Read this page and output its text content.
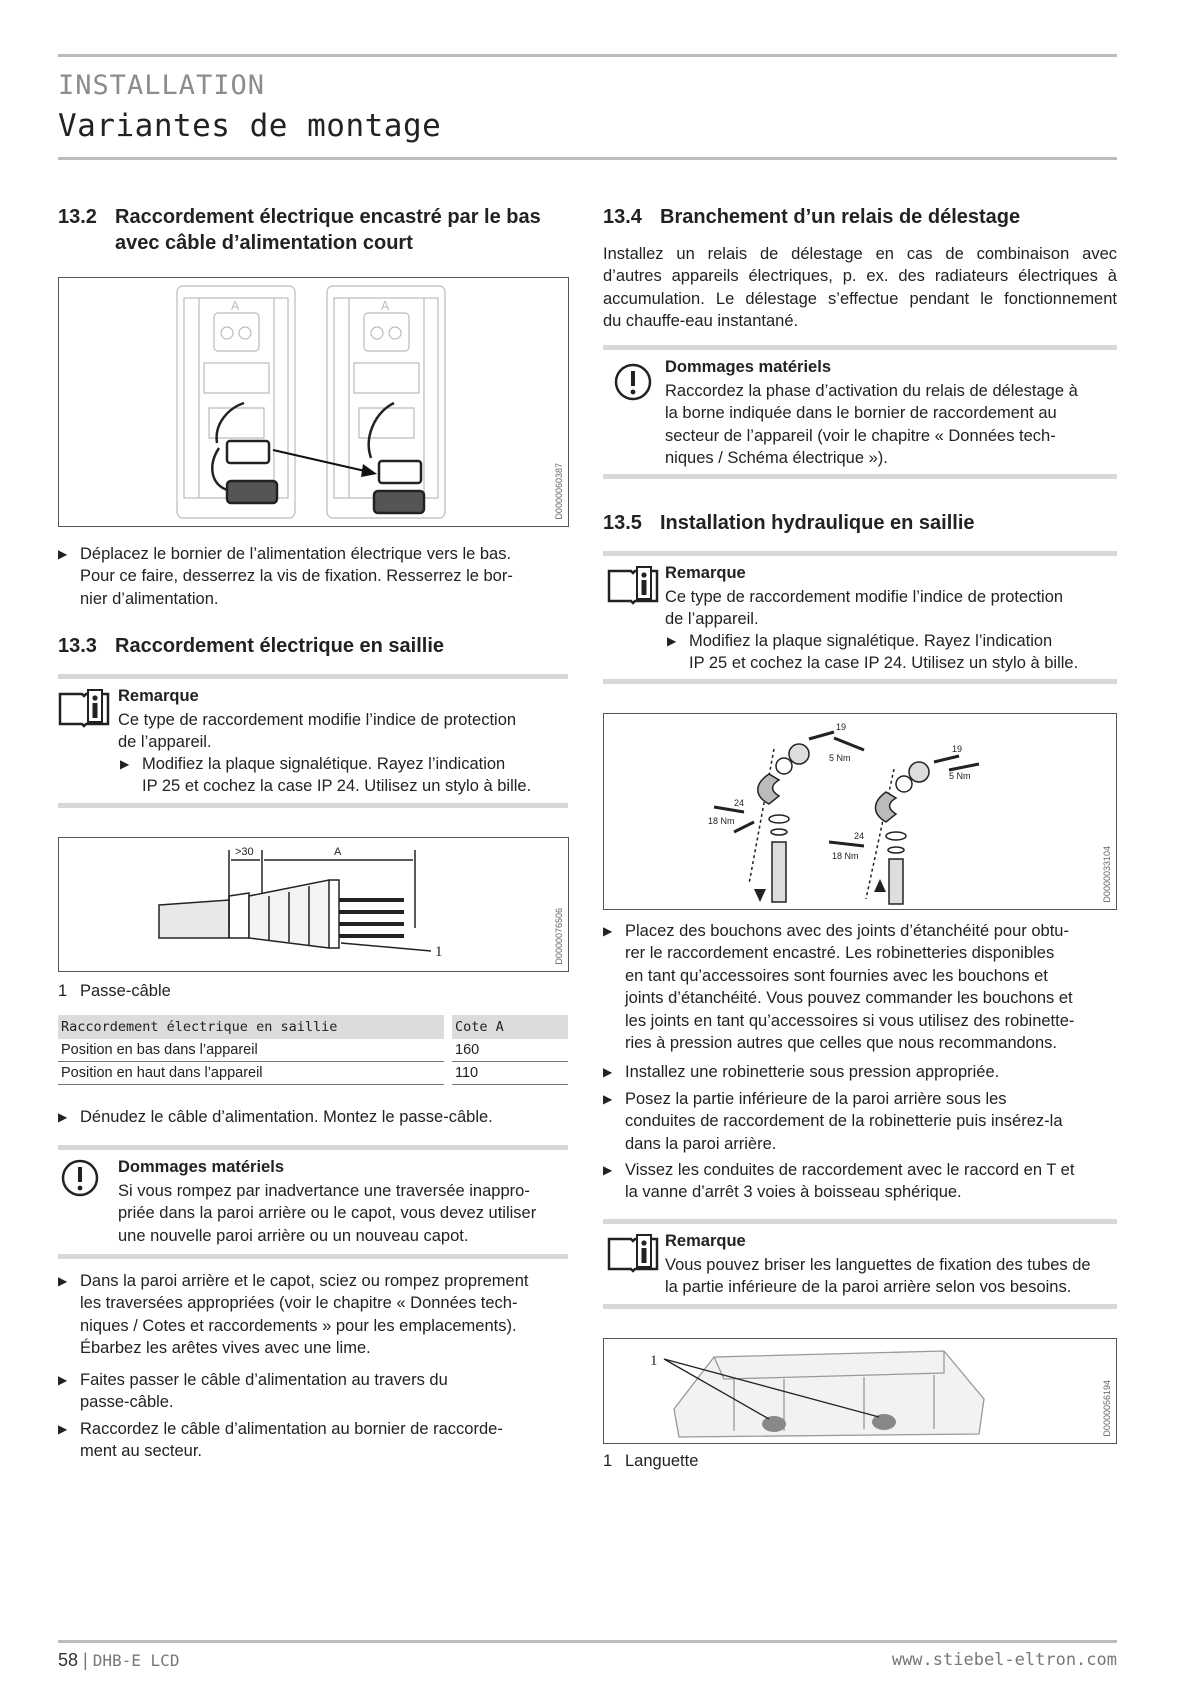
INSTALLATION
Variantes de montage
13.2 Raccordement électrique encastré par le bas
avec câble d’alimentation court
A	A
D0000060387
▶ Déplacez le bornier de l’alimentation électrique vers le bas.
Pour ce faire, desserrez la vis de fixation. Resserrez le bor-
nier d’alimentation.
13.3 Raccordement électrique en saillie
Remarque
Ce type de raccordement modifie l’indice de protection
de l’appareil.
▶ Modifiez la plaque signalétique. Rayez l’indication
IP 25 et cochez la case IP 24. Utilisez un stylo à bille.
>30	A
1	D0000076506
1 Passe-câble
Raccordement électrique en saillie	Cote A
Position en bas dans l’appareil	160
Position en haut dans l’appareil	110
▶ Dénudez le câble d’alimentation. Montez le passe-câble.
Dommages matériels
Si vous rompez par inadvertance une traversée inappro-
priée dans la paroi arrière ou le capot, vous devez utiliser
une nouvelle paroi arrière ou un nouveau capot.
▶ Dans la paroi arrière et le capot, sciez ou rompez proprement
les traversées appropriées (voir le chapitre « Données tech-
niques / Cotes et raccordements » pour les emplacements).
Ébarbez les arêtes vives avec une lime.
▶ Faites passer le câble d’alimentation au travers du
passe-câble.
▶ Raccordez le câble d’alimentation au bornier de raccorde-
ment au secteur.
13.4 Branchement d’un relais de délestage
Installez un relais de délestage en cas de combinaison avec
d’autres appareils électriques, p. ex. des radiateurs électriques à
accumulation. Le délestage s’effectue pendant le fonctionnement
du chauffe-eau instantané.
Dommages matériels
Raccordez la phase d’activation du relais de délestage à
la borne indiquée dans le bornier de raccordement au
secteur de l’appareil (voir le chapitre « Données tech-
niques / Schéma électrique »).
13.5 Installation hydraulique en saillie
Remarque
Ce type de raccordement modifie l’indice de protection
de l’appareil.
▶ Modifiez la plaque signalétique. Rayez l’indication
IP 25 et cochez la case IP 24. Utilisez un stylo à bille.
19
5 Nm
19
5 Nm
24
18 Nm
24
18 Nm	D0000033104
▶ Placez des bouchons avec des joints d’étanchéité pour obtu-
rer le raccordement encastré. Les robinetteries disponibles
en tant qu’accessoires sont fournies avec les bouchons et
joints d’étanchéité. Vous pouvez commander les bouchons et
les joints en tant qu’accessoires si vous utilisez des robinette-
ries à pression autres que celles que nous recommandons.
▶ Installez une robinetterie sous pression appropriée.
▶ Posez la partie inférieure de la paroi arrière sous les
conduites de raccordement de la robinetterie puis insérez-la
dans la paroi arrière.
▶ Vissez les conduites de raccordement avec le raccord en T et
la vanne d’arrêt 3 voies à boisseau sphérique.
Remarque
Vous pouvez briser les languettes de fixation des tubes de
la partie inférieure de la paroi arrière selon vos besoins.
1
D0000056194
1 Languette
58 | DHB-E LCD	www.stiebel-eltron.com
